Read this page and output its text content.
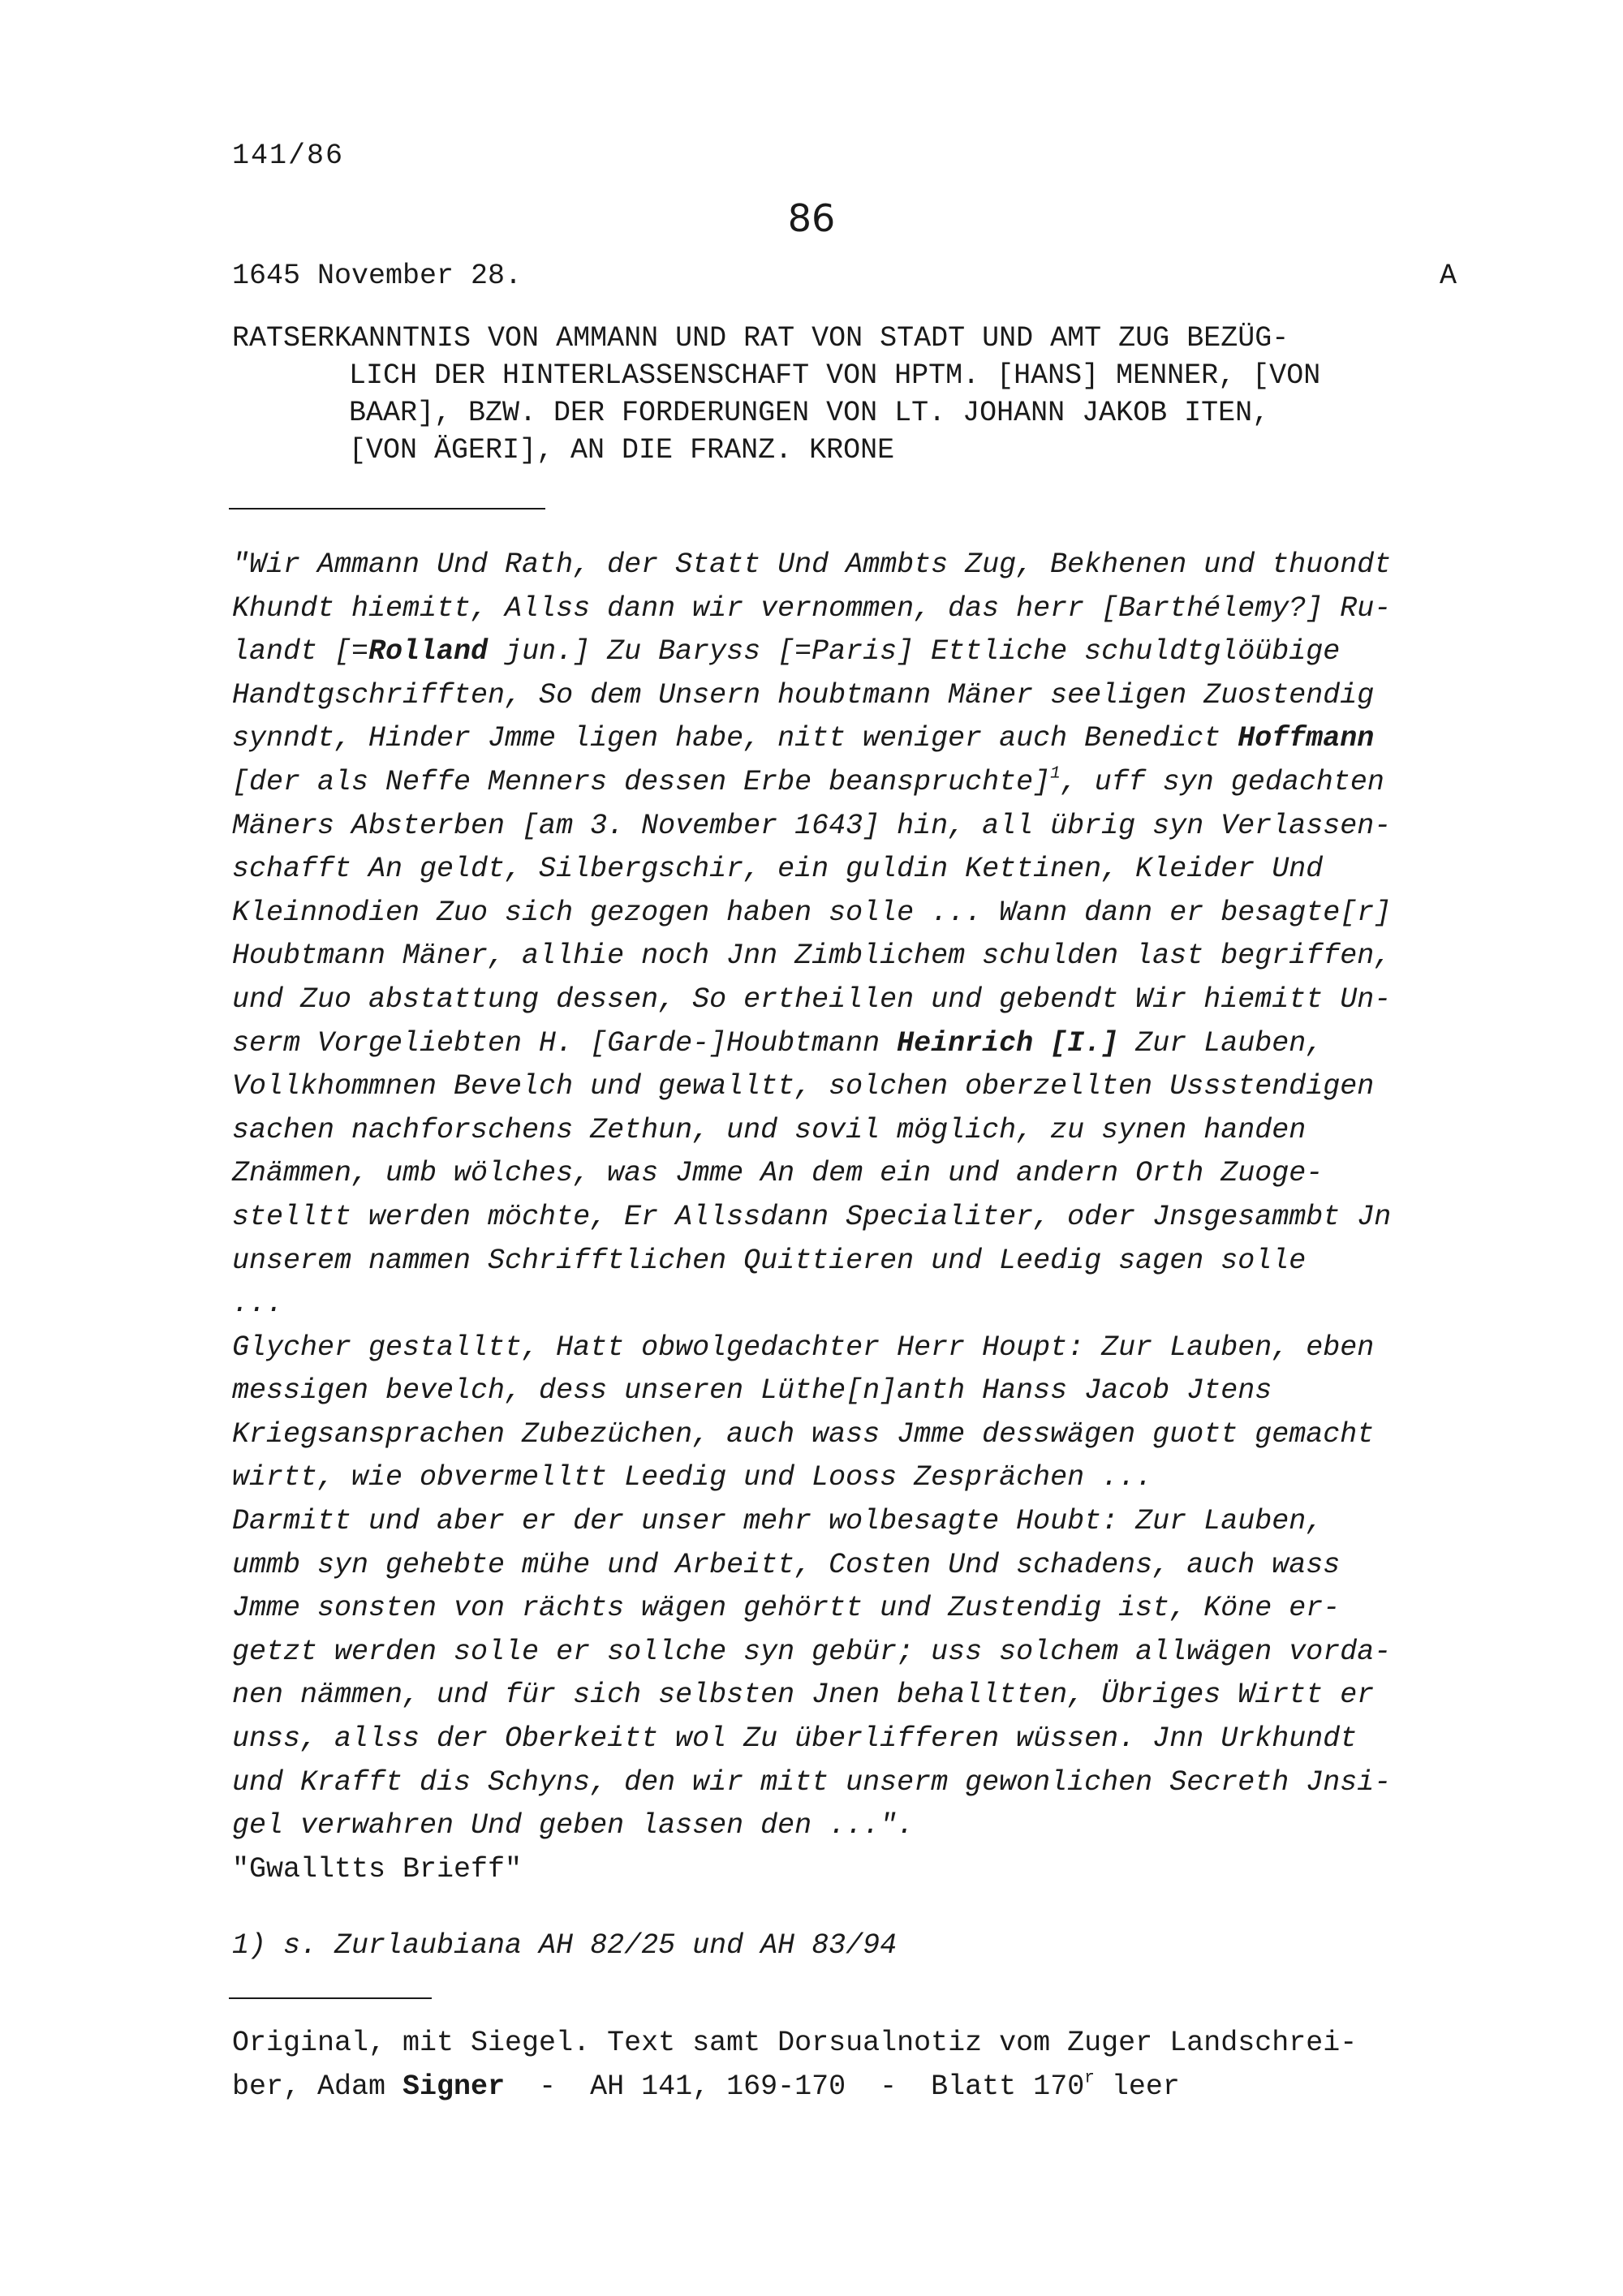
141/86
86
1645 November 28.	A
RATSERKANNTNIS VON AMMANN UND RAT VON STADT UND AMT ZUG BEZÜG-
LICH DER HINTERLASSENSCHAFT VON HPTM. [HANS] MENNER, [VON
BAAR], BZW. DER FORDERUNGEN VON LT. JOHANN JAKOB ITEN,
[VON ÄGERI], AN DIE FRANZ. KRONE
"Wir Ammann Und Rath, der Statt Und Ammbts Zug, Bekhenen und thuondt
Khundt hiemitt, Allss dann wir vernommen, das herr [Barthélemy?] Ru-
landt [=Rolland jun.] Zu Baryss [=Paris] Ettliche schuldtglöübige
Handtgschrifften, So dem Unsern houbtmann Mäner seeligen Zuostendig
synndt, Hinder Jmme ligen habe, nitt weniger auch Benedict Hoffmann
[der als Neffe Menners dessen Erbe beanspruchte]$^1$, uff syn gedachten
Mäners Absterben [am 3. November 1643] hin, all übrig syn Verlassen-
schafft An geldt, Silbergschir, ein guldin Kettinen, Kleider Und
Kleinnodien Zuo sich gezogen haben solle ... Wann dann er besagte[r]
Houbtmann Mäner, allhie noch Jnn Zimblichem schulden last begriffen,
und Zuo abstattung dessen, So ertheillen und gebendt Wir hiemitt Un-
serm Vorgeliebten H. [Garde-]Houbtmann Heinrich [I.] Zur Lauben,
Vollkhommnen Bevelch und gewalltt, solchen oberzellten Ussstendigen
sachen nachforschens Zethun, und sovil möglich, zu synen handen
Znämmen, umb wölches, was Jmme An dem ein und andern Orth Zuoge-
stelltt werden möchte, Er Allssdann Specialiter, oder Jnsgesammbt Jn
unserem nammen Schrifftlichen Quittieren und Leedig sagen solle
...
Glycher gestalltt, Hatt obwolgedachter Herr Houpt: Zur Lauben, eben
messigen bevelch, dess unseren Lüthe[n]anth Hanss Jacob Jtens
Kriegsansprachen Zubezüchen, auch wass Jmme desswägen guott gemacht
wirtt, wie obvermelltt Leedig und Looss Zesprächen ...
Darmitt und aber er der unser mehr wolbesagte Houbt: Zur Lauben,
ummb syn gehebte mühe und Arbeitt, Costen Und schadens, auch wass
Jmme sonsten von rächts wägen gehörtt und Zustendig ist, Köne er-
getzt werden solle er sollche syn gebür; uss solchem allwägen vorda-
nen nämmen, und für sich selbsten Jnen behalltten, Übriges Wirtt er
unss, allss der Oberkeitt wol Zu überlifferen wüssen. Jnn Urkhundt
und Krafft dis Schyns, den wir mitt unserm gewonlichen Secreth Jnsi-
gel verwahren Und geben lassen den ...".
"Gwalltts Brieff"
1) s. Zurlaubiana AH 82/25 und AH 83/94
Original, mit Siegel. Text samt Dorsualnotiz vom Zuger Landschrei-
ber, Adam Signer  -  AH 141, 169-170  -  Blatt 170$^r$ leer
